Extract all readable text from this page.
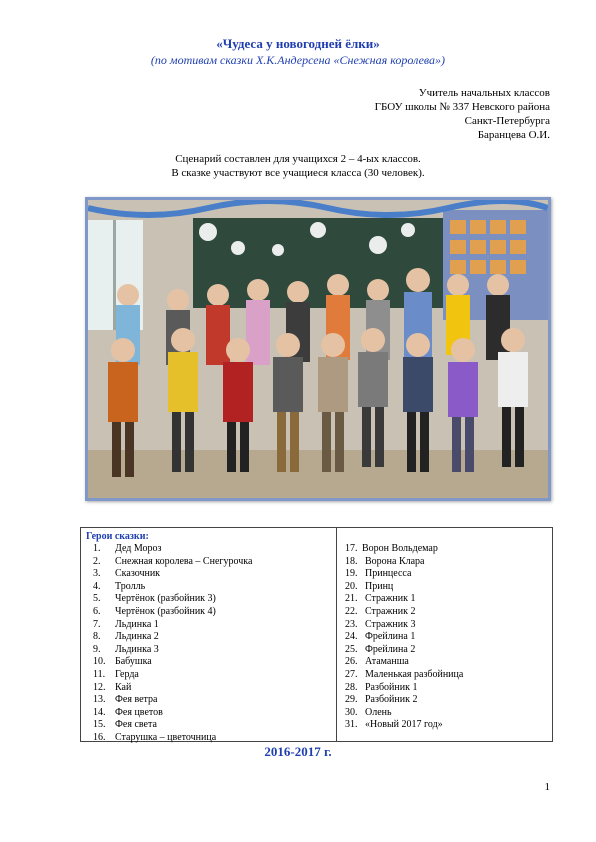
«Чудеса у новогодней ёлки»
(по мотивам сказки Х.К.Андерсена «Снежная королева»)
Учитель начальных классов
ГБОУ школы № 337 Невского района
Санкт-Петербурга
Баранцева О.И.
Сценарий составлен для учащихся 2 – 4-ых классов.
В сказке участвуют все учащиеся класса (30 человек).
Герои сказки:
1.	Дед Мороз
2.	Снежная королева – Снегурочка
3.	Сказочник
4.	Тролль
5.	Чертёнок (разбойник 3)
6.	Чертёнок (разбойник 4)
7.	Льдинка 1
8.	Льдинка 2
9.	Льдинка 3
10. Бабушка
11. Герда
12. Кай
13. Фея ветра
14. Фея цветов
15. Фея света
16. Старушка – цветочница
17. Ворон Вольдемар
18. Ворона Клара
19. Принцесса
20. Принц
21. Стражник 1
22. Стражник 2
23. Стражник 3
24. Фрейлина 1
25. Фрейлина 2
26. Атаманша
27. Маленькая разбойница
28. Разбойник 1
29. Разбойник 2
30. Олень
31. «Новый 2017 год»
2016-2017 г.
1
